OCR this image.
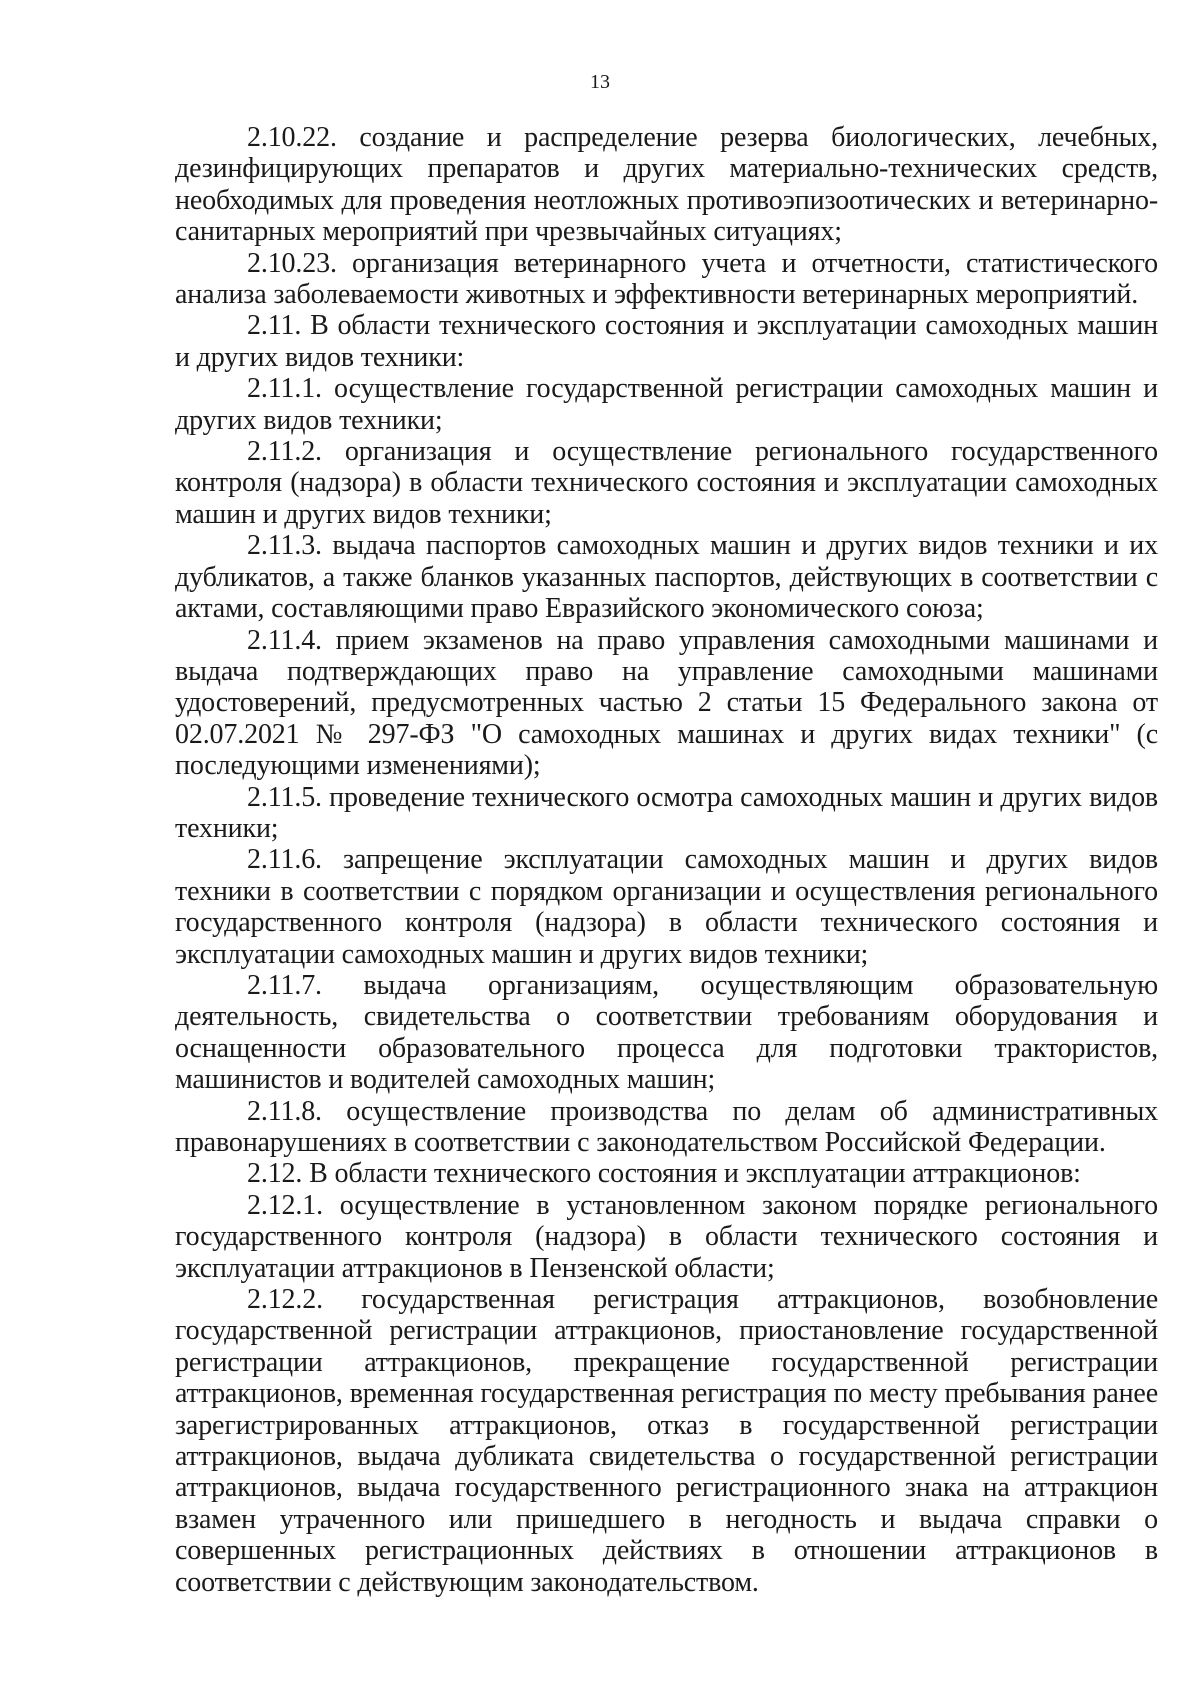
13

2.10.22. создание и распределение резерва биологических, лечебных, дезинфицирующих препаратов и других материально-технических средств, необходимых для проведения неотложных противоэпизоотических и ветеринарно-санитарных мероприятий при чрезвычайных ситуациях;

2.10.23. организация ветеринарного учета и отчетности, статистического анализа заболеваемости животных и эффективности ветеринарных мероприятий.

2.11. В области технического состояния и эксплуатации самоходных машин и других видов техники:

2.11.1. осуществление государственной регистрации самоходных машин и других видов техники;

2.11.2. организация и осуществление регионального государственного контроля (надзора) в области технического состояния и эксплуатации самоходных машин и других видов техники;

2.11.3. выдача паспортов самоходных машин и других видов техники и их дубликатов, а также бланков указанных паспортов, действующих в соответствии с актами, составляющими право Евразийского экономического союза;

2.11.4. прием экзаменов на право управления самоходными машинами и выдача подтверждающих право на управление самоходными машинами удостоверений, предусмотренных частью 2 статьи 15 Федерального закона от 02.07.2021 № 297-ФЗ "О самоходных машинах и других видах техники" (с последующими изменениями);

2.11.5. проведение технического осмотра самоходных машин и других видов техники;

2.11.6. запрещение эксплуатации самоходных машин и других видов техники в соответствии с порядком организации и осуществления регионального государственного контроля (надзора) в области технического состояния и эксплуатации самоходных машин и других видов техники;

2.11.7. выдача организациям, осуществляющим образовательную деятельность, свидетельства о соответствии требованиям оборудования и оснащенности образовательного процесса для подготовки трактористов, машинистов и водителей самоходных машин;

2.11.8. осуществление производства по делам об административных правонарушениях в соответствии с законодательством Российской Федерации.

2.12. В области технического состояния и эксплуатации аттракционов:

2.12.1. осуществление в установленном законом порядке регионального государственного контроля (надзора) в области технического состояния и эксплуатации аттракционов в Пензенской области;

2.12.2. государственная регистрация аттракционов, возобновление государственной регистрации аттракционов, приостановление государственной регистрации аттракционов, прекращение государственной регистрации аттракционов, временная государственная регистрация по месту пребывания ранее зарегистрированных аттракционов, отказ в государственной регистрации аттракционов, выдача дубликата свидетельства о государственной регистрации аттракционов, выдача государственного регистрационного знака на аттракцион взамен утраченного или пришедшего в негодность и выдача справки о совершенных регистрационных действиях в отношении аттракционов в соответствии с действующим законодательством.
